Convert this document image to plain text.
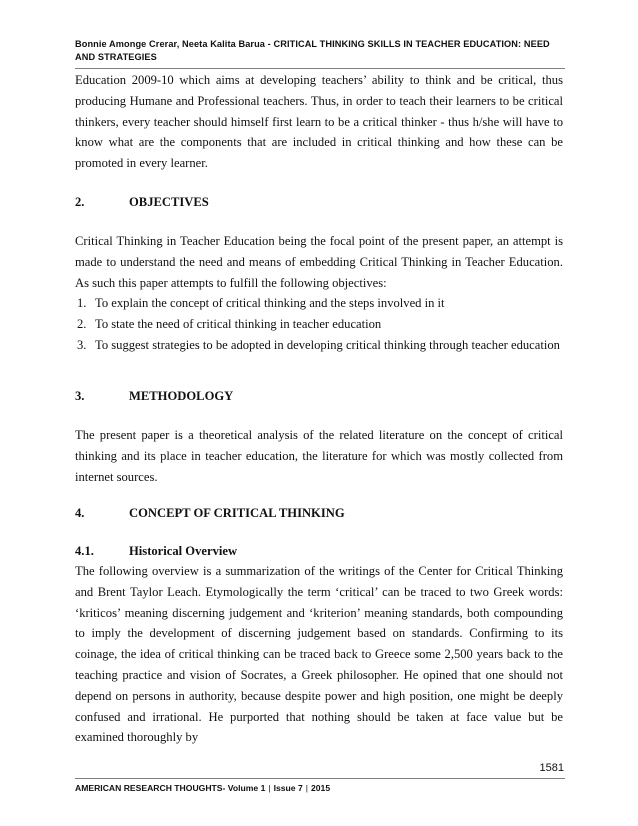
Bonnie Amonge Crerar, Neeta Kalita Barua - CRITICAL THINKING SKILLS IN TEACHER EDUCATION: NEED AND STRATEGIES

Education 2009-10 which aims at developing teachers’ ability to think and be critical, thus producing Humane and Professional teachers. Thus, in order to teach their learners to be critical thinkers, every teacher should himself first learn to be a critical thinker - thus h/she will have to know what are the components that are included in critical thinking and how these can be promoted in every learner.

2.	OBJECTIVES

Critical Thinking in Teacher Education being the focal point of the present paper, an attempt is made to understand the need and means of embedding Critical Thinking in Teacher Education. As such this paper attempts to fulfill the following objectives:

1. To explain the concept of critical thinking and the steps involved in it
2. To state the need of critical thinking in teacher education
3. To suggest strategies to be adopted in developing critical thinking through teacher education
3.	METHODOLOGY

The present paper is a theoretical analysis of the related literature on the concept of critical thinking and its place in teacher education, the literature for which was mostly collected from internet sources.

4.	CONCEPT OF CRITICAL THINKING
4.1.	Historical Overview

The following overview is a summarization of the writings of the Center for Critical Thinking and Brent Taylor Leach. Etymologically the term ‘critical’ can be traced to two Greek words: ‘kriticos’ meaning discerning judgement and ‘kriterion’ meaning standards, both compounding to imply the development of discerning judgement based on standards. Confirming to its coinage, the idea of critical thinking can be traced back to Greece some 2,500 years back to the teaching practice and vision of Socrates, a Greek philosopher. He opined that one should not depend on persons in authority, because despite power and high position, one might be deeply confused and irrational. He purported that nothing should be taken at face value but be examined thoroughly by

1581
AMERICAN RESEARCH THOUGHTS- Volume 1 | Issue 7 | 2015
